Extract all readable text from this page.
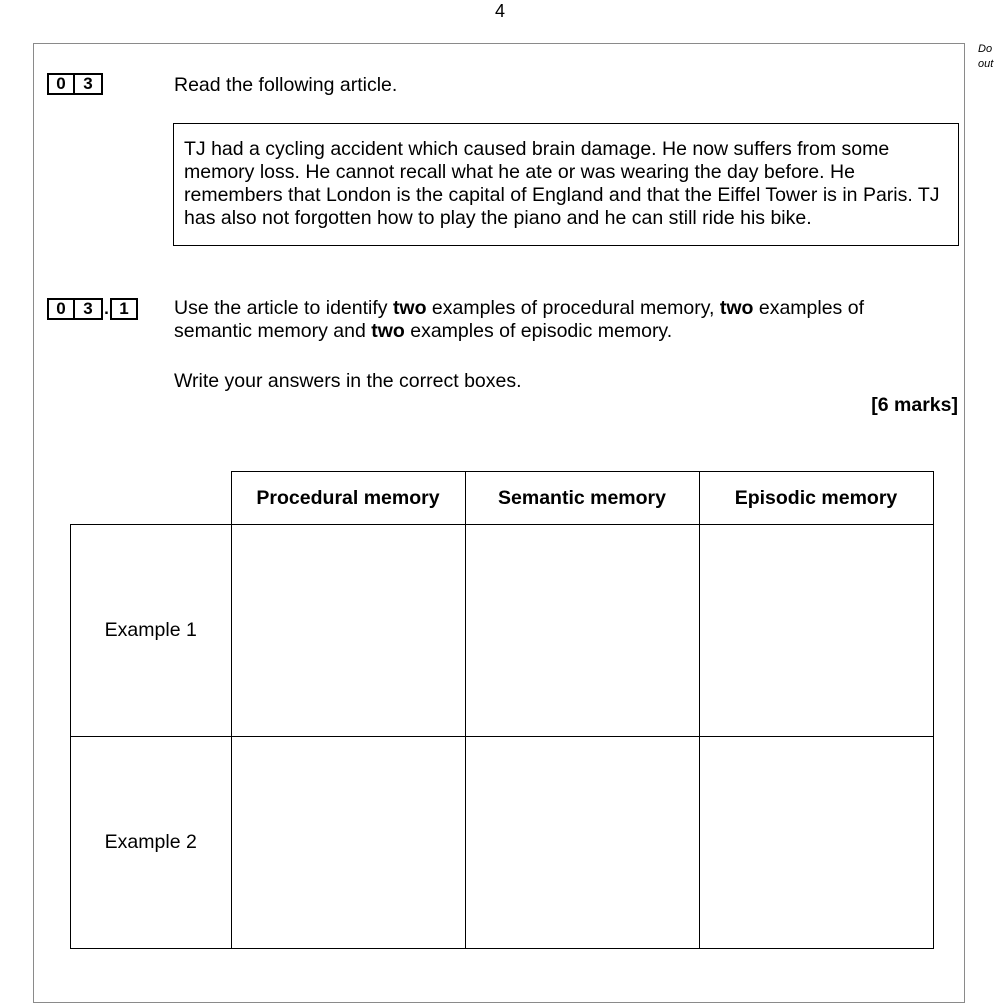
4
Do
out
0	3	Read the following article.
TJ had a cycling accident which caused brain damage. He now suffers from some memory loss. He cannot recall what he ate or was wearing the day before. He remembers that London is the capital of England and that the Eiffel Tower is in Paris. TJ has also not forgotten how to play the piano and he can still ride his bike.
0	3 . 1	Use the article to identify two examples of procedural memory, two examples of semantic memory and two examples of episodic memory.
Write your answers in the correct boxes.
[6 marks]
	Procedural memory	Semantic memory	Episodic memory
Example 1			
Example 2			
